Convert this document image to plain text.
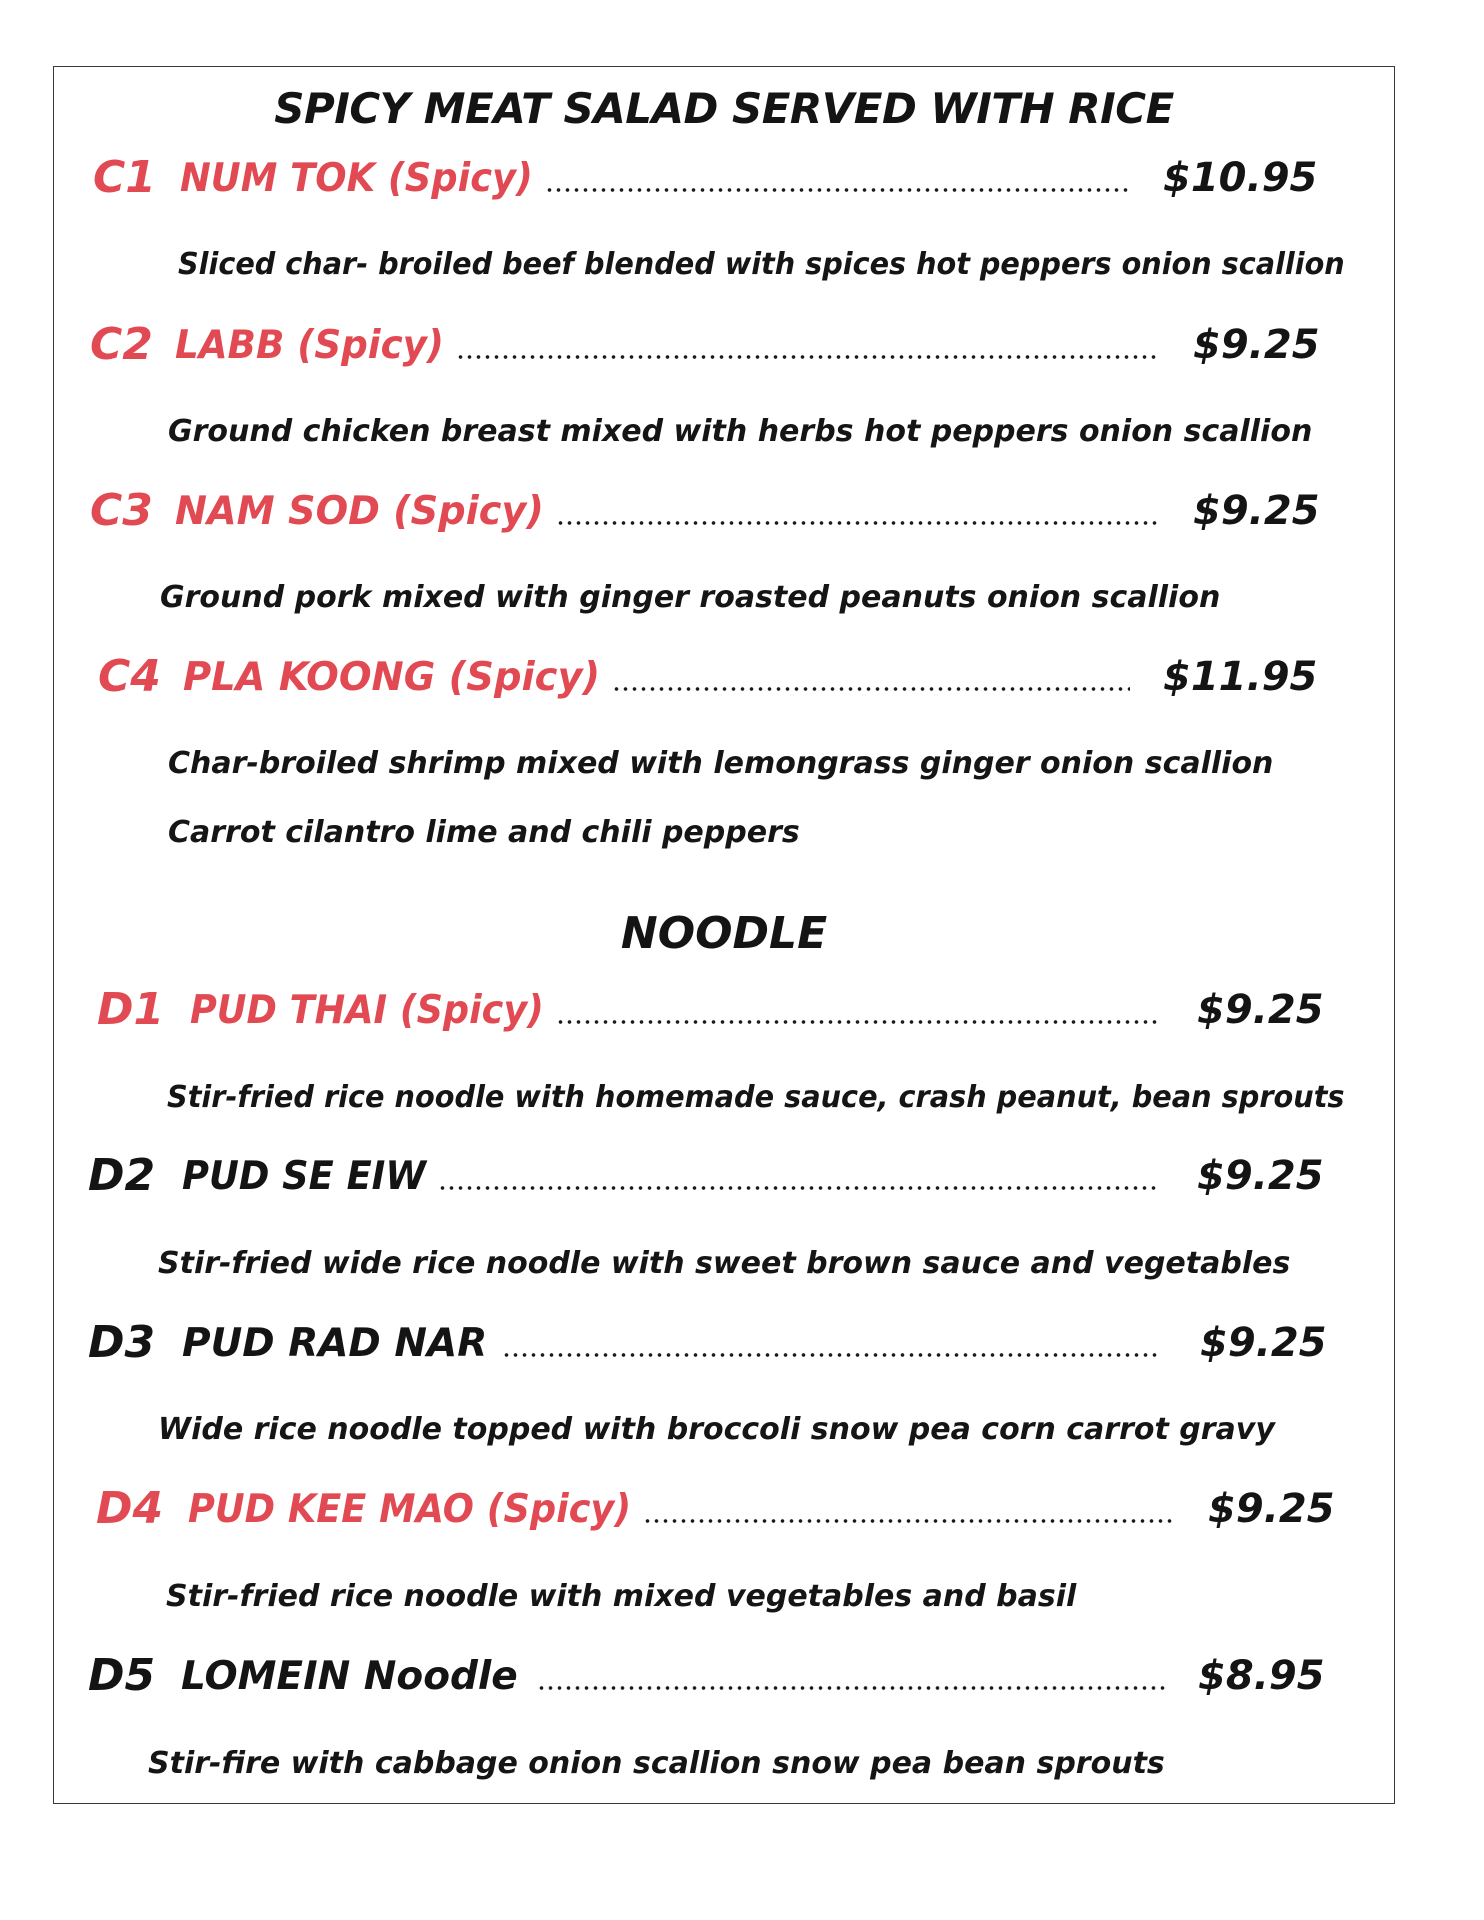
SPICY MEAT SALAD SERVED WITH RICE
NOODLE
C1 NUM TOK (Spicy)	$10.95
Sliced char- broiled beef blended with spices hot peppers onion scallion
C2 LABB (Spicy)	$9.25
Ground chicken breast mixed with herbs hot peppers onion scallion
C3 NAM SOD (Spicy)	$9.25
Ground pork mixed with ginger roasted peanuts onion scallion
C4 PLA KOONG (Spicy)	$11.95
Char-broiled shrimp mixed with lemongrass ginger onion scallion
Carrot cilantro lime and chili peppers
D1 PUD THAI (Spicy)	$9.25
Stir-fried rice noodle with homemade sauce, crash peanut, bean sprouts
D2 PUD SE EIW	$9.25
Stir-fried wide rice noodle with sweet brown sauce and vegetables
D3 PUD RAD NAR	$9.25
Wide rice noodle topped with broccoli snow pea corn carrot gravy
D4 PUD KEE MAO (Spicy)	$9.25
Stir-fried rice noodle with mixed vegetables and basil
D5 LOMEIN Noodle	$8.95
Stir-fire with cabbage onion scallion snow pea bean sprouts
